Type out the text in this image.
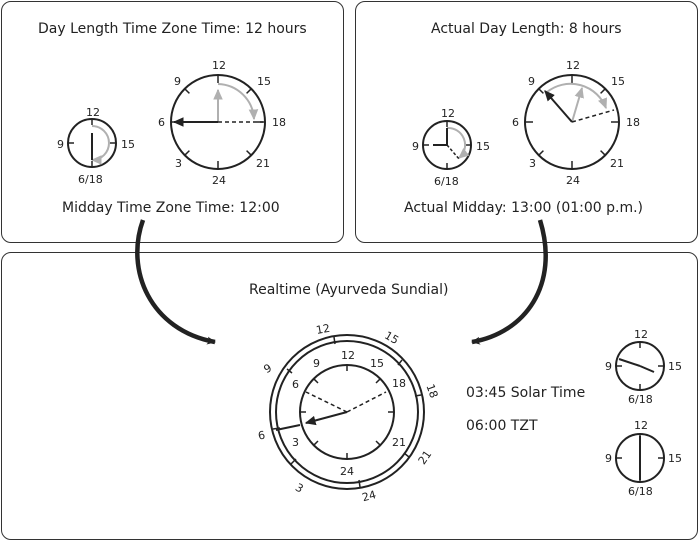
Day Length Time Zone Time: 12 hours
Midday Time Zone Time: 12:00
Actual Day Length: 8 hours
Actual Midday: 13:00 (01:00 p.m.)
Realtime (Ayurveda Sundial)
03:45 Solar Time
06:00 TZT
12
15
6/18
9
12
15
18
21
24
3
6
9
12
15
6/18
9
12
15
18
21
24
3
6
9
12	15
18
21
24
3
6
9
12
15
18
21
24
3
6
9
12
15
6/18
9
12
15
6/18
9
